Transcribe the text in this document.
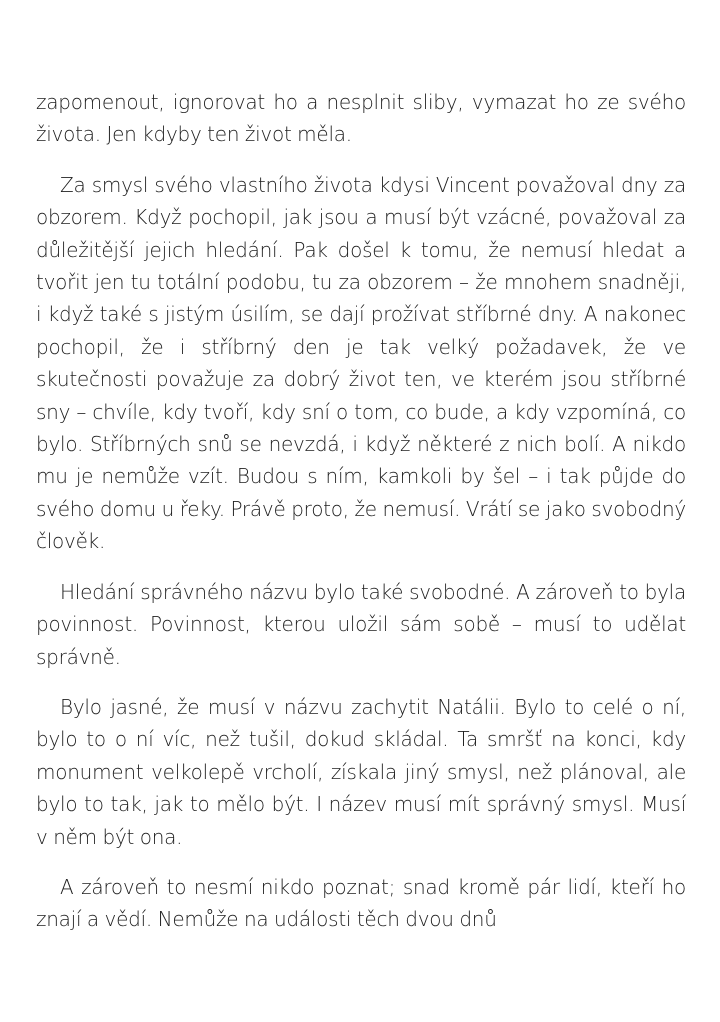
zapomenout, ignorovat ho a nesplnit sliby, vymazat ho ze svého života. Jen kdyby ten život měla.

Za smysl svého vlastního života kdysi Vincent považoval dny za obzorem. Když pochopil, jak jsou a musí být vzácné, považoval za důležitější jejich hledání. Pak došel k tomu, že nemusí hledat a tvořit jen tu totální podobu, tu za obzorem – že mnohem snadněji, i když také s jistým úsilím, se dají prožívat stříbrné dny. A nakonec pochopil, že i stříbrný den je tak velký požadavek, že ve skutečnosti považuje za dobrý život ten, ve kterém jsou stříbrné sny – chvíle, kdy tvoří, kdy sní o tom, co bude, a kdy vzpomíná, co bylo. Stříbrných snů se nevzdá, i když některé z nich bolí. A nikdo mu je nemůže vzít. Budou s ním, kamkoli by šel – i tak půjde do svého domu u řeky. Právě proto, že nemusí. Vrátí se jako svobodný člověk.

Hledání správného názvu bylo také svobodné. A zároveň to byla povinnost. Povinnost, kterou uložil sám sobě – musí to udělat správně.

Bylo jasné, že musí v názvu zachytit Natálii. Bylo to celé o ní, bylo to o ní víc, než tušil, dokud skládal. Ta smršť na konci, kdy monument velkolepě vrcholí, získala jiný smysl, než plánoval, ale bylo to tak, jak to mělo být. I název musí mít správný smysl. Musí v něm být ona.

A zároveň to nesmí nikdo poznat; snad kromě pár lidí, kteří ho znají a vědí. Nemůže na události těch dvou dnů
